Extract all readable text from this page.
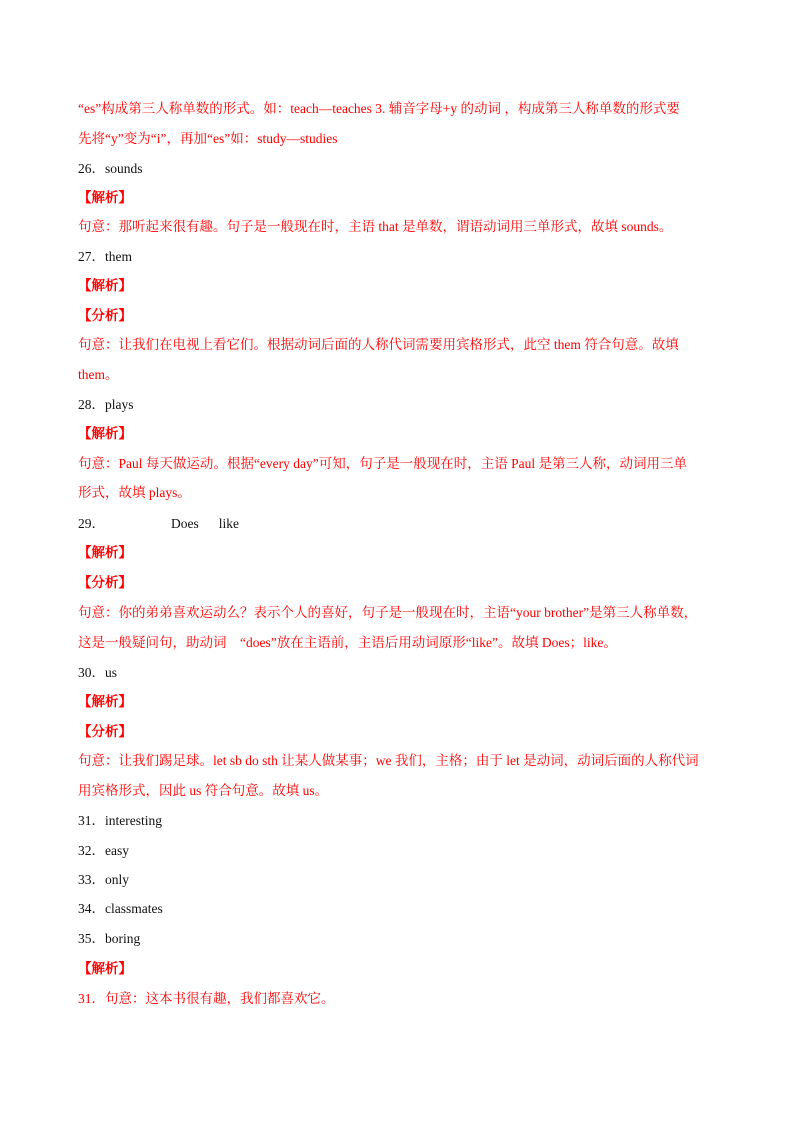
“es”构成第三人称单数的形式。如：teach—teaches 3. 辅音字母+y 的动词 ，构成第三人称单数的形式要
先将“y”变为“i”，再加“es”如：study—studies
26．sounds
【解析】
句意：那听起来很有趣。句子是一般现在时，主语 that 是单数，谓语动词用三单形式，故填 sounds。
27．them
【解析】
【分析】
句意：让我们在电视上看它们。根据动词后面的人称代词需要用宾格形式，此空 them 符合句意。故填
them。
28．plays
【解析】
句意：Paul 每天做运动。根据“every day”可知，句子是一般现在时，主语 Paul 是第三人称，动词用三单
形式，故填 plays。
29．	Does like
【解析】
【分析】
句意：你的弟弟喜欢运动么？表示个人的喜好，句子是一般现在时，主语“your brother”是第三人称单数，
这是一般疑问句，助动词　“does”放在主语前，主语后用动词原形“like”。故填 Does；like。
30．us
【解析】
【分析】
句意：让我们踢足球。let sb do sth 让某人做某事；we 我们，主格；由于 let 是动词，动词后面的人称代词
用宾格形式，因此 us 符合句意。故填 us。
31．interesting
32．easy
33．only
34．classmates
35．boring
【解析】
31．句意：这本书很有趣，我们都喜欢它。
